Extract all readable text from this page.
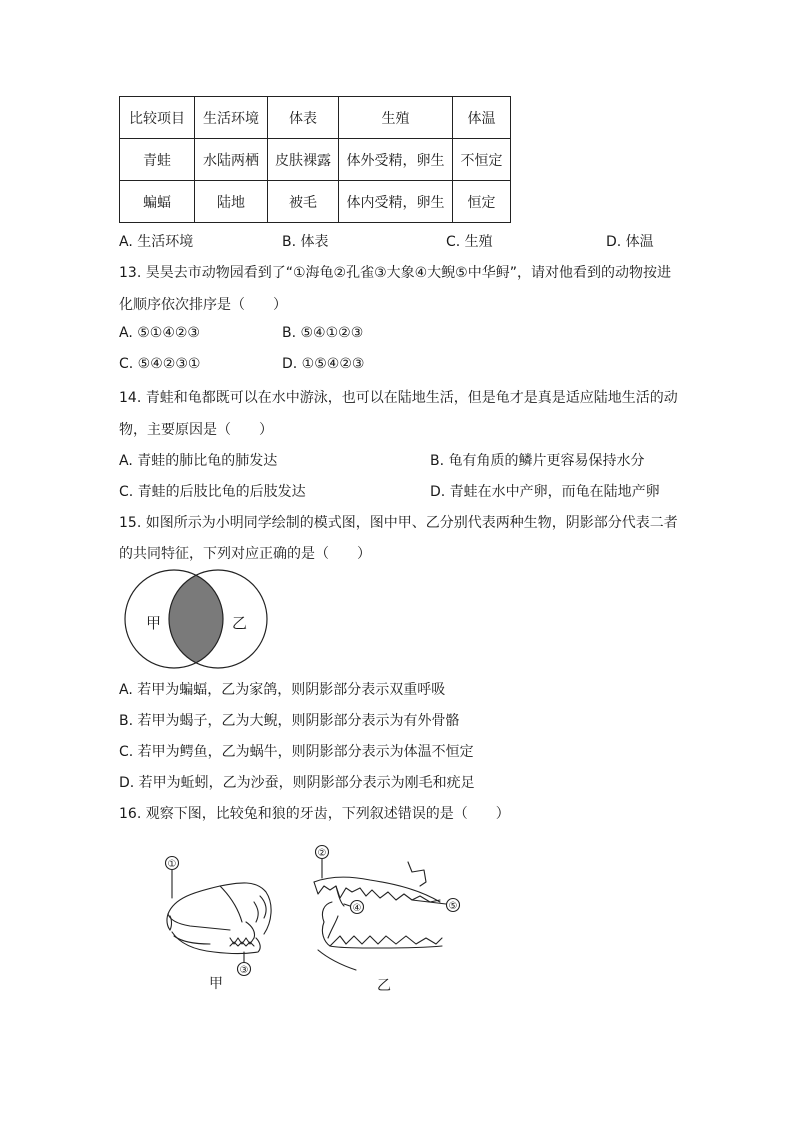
比较项目	生活环境	体表	生殖	体温
青蛙	水陆两栖	皮肤裸露	体外受精，卵生	不恒定
蝙蝠	陆地	被毛	体内受精，卵生	恒定
A. 生活环境	B. 体表	C. 生殖	D. 体温
13. 昊昊去市动物园看到了“①海龟②孔雀③大象④大鲵⑤中华鲟”，请对他看到的动物按进
化顺序依次排序是（　　）
A. ⑤①④②③	B. ⑤④①②③
C. ⑤④②③①	D. ①⑤④②③
14. 青蛙和龟都既可以在水中游泳，也可以在陆地生活，但是龟才是真是适应陆地生活的动
物，主要原因是（　　）
A. 青蛙的肺比龟的肺发达	B. 龟有角质的鳞片更容易保持水分
C. 青蛙的后肢比龟的后肢发达	D. 青蛙在水中产卵，而龟在陆地产卵
15. 如图所示为小明同学绘制的模式图，图中甲、乙分别代表两种生物，阴影部分代表二者
的共同特征，下列对应正确的是（　　）
甲	乙
A. 若甲为蝙蝠，乙为家鸽，则阴影部分表示双重呼吸
B. 若甲为蝎子，乙为大鲵，则阴影部分表示为有外骨骼
C. 若甲为鳄鱼，乙为蜗牛，则阴影部分表示为体温不恒定
D. 若甲为蚯蚓，乙为沙蚕，则阴影部分表示为刚毛和疣足
16. 观察下图，比较兔和狼的牙齿，下列叙述错误的是（　　）
①
③
甲
②
④	⑤
乙
